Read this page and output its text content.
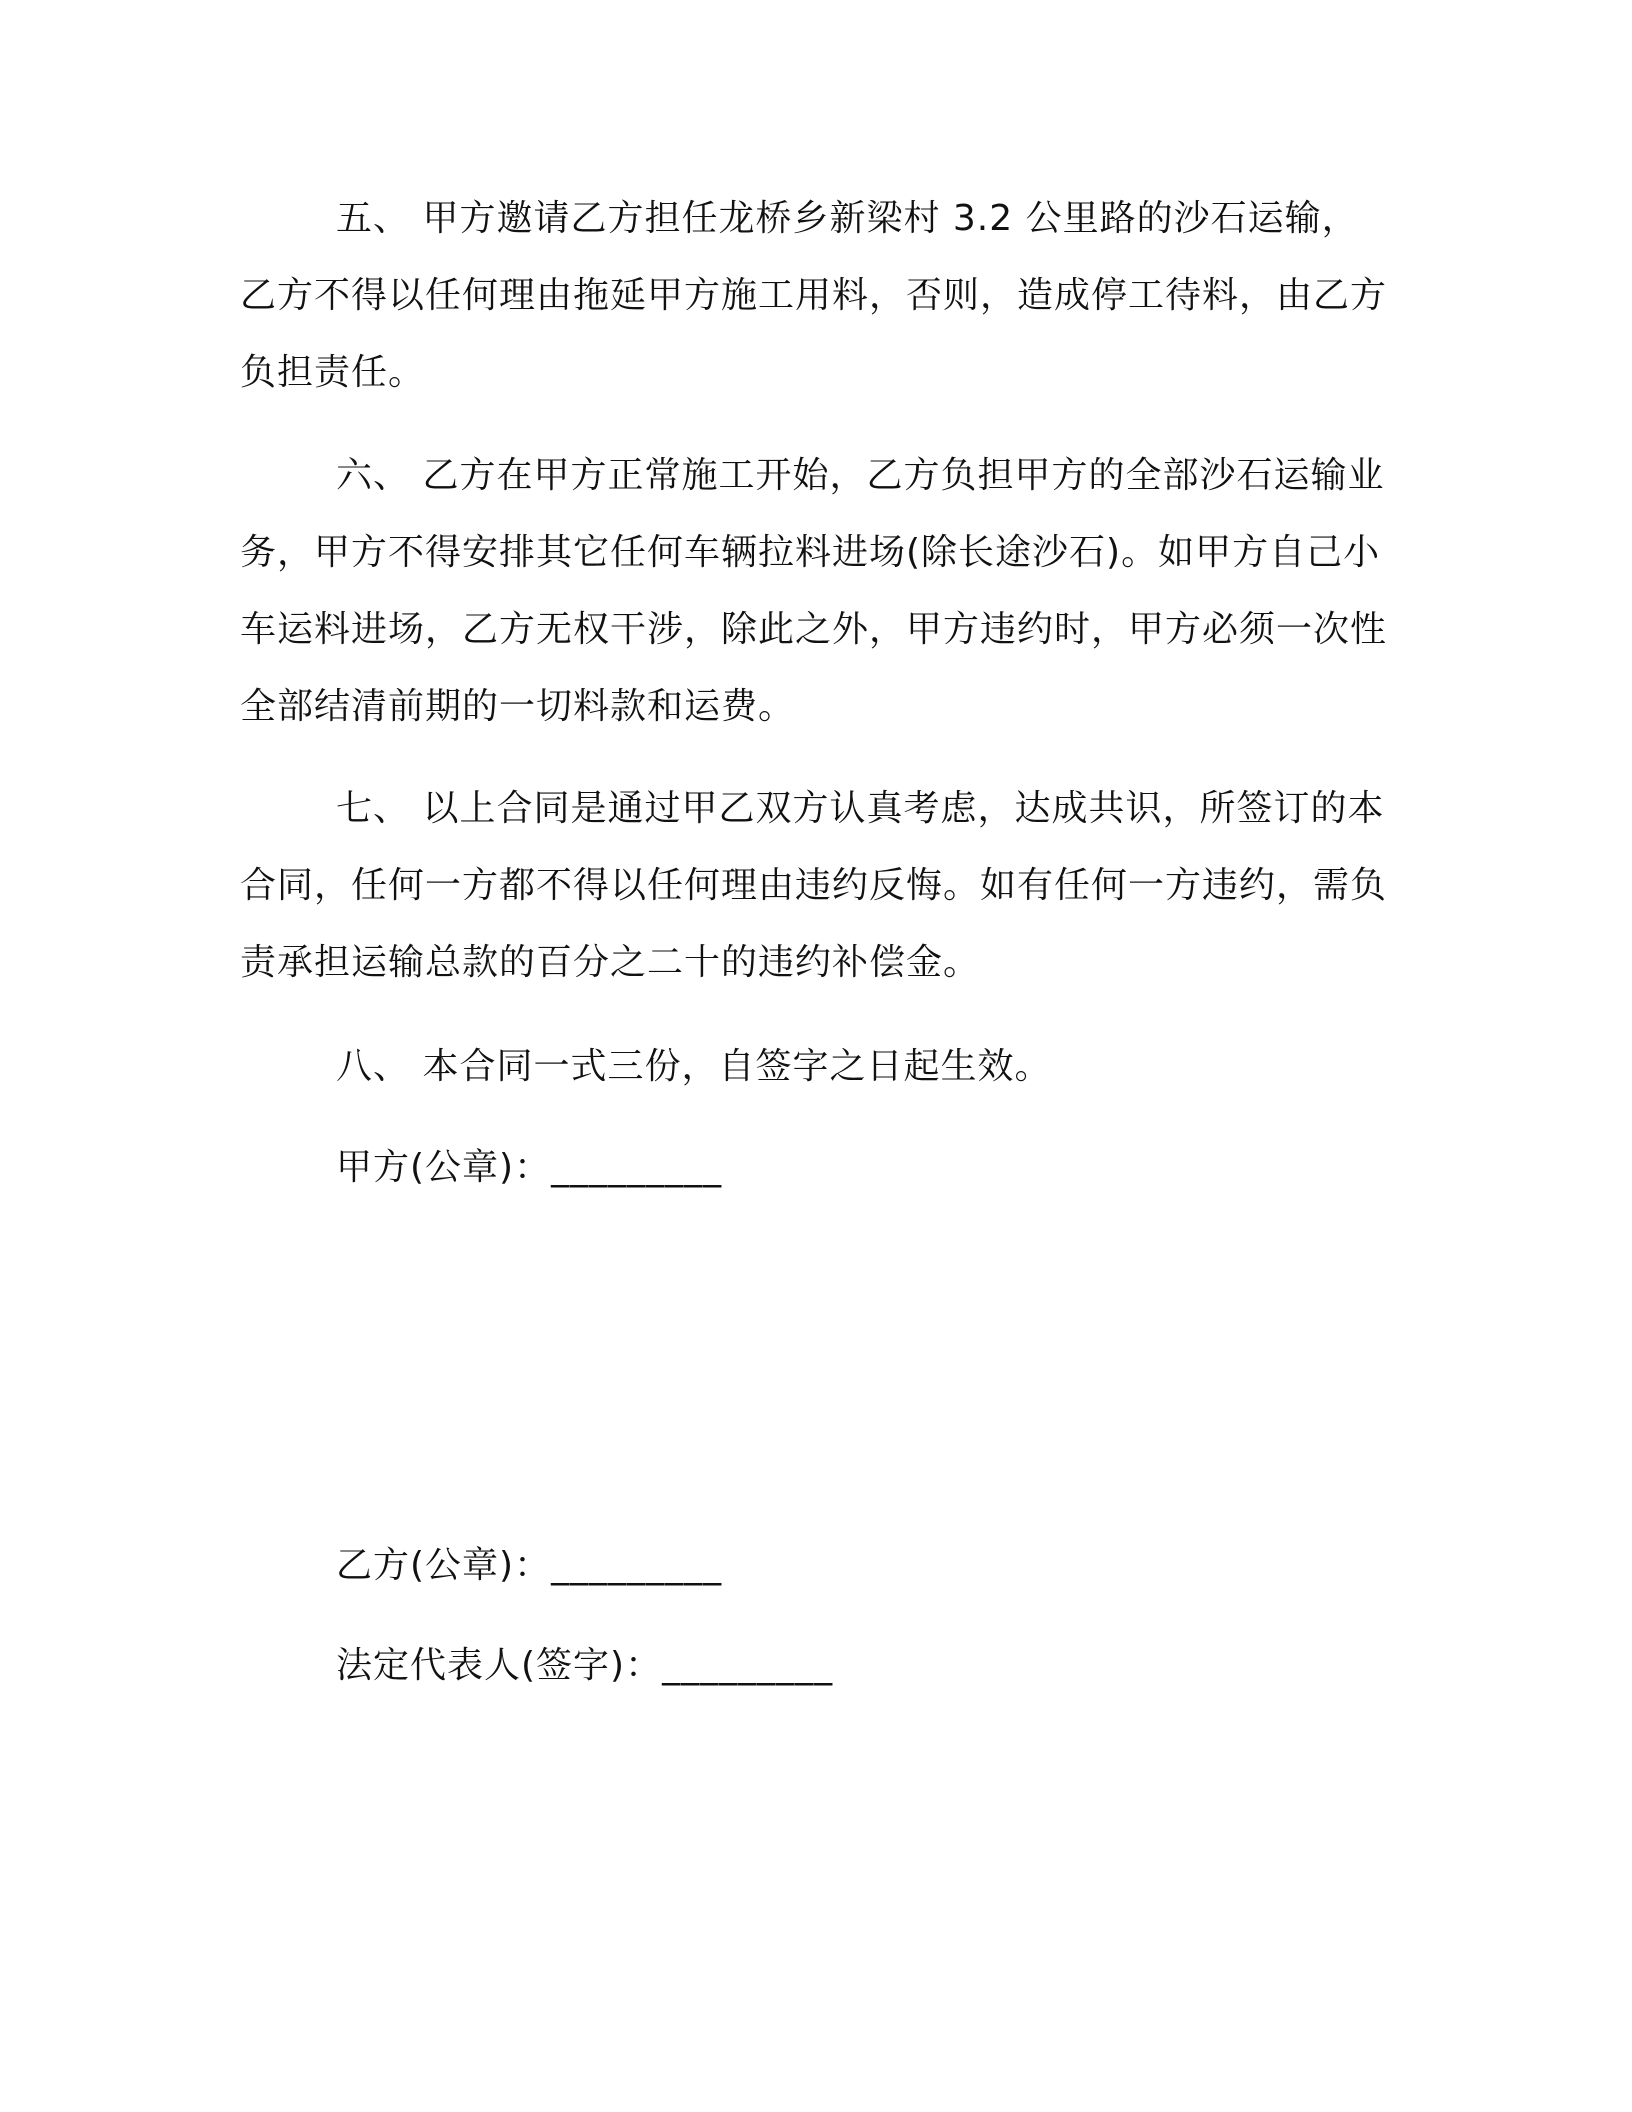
五、 甲方邀请乙方担任龙桥乡新梁村 3.2 公里路的沙石运输，乙方不得以任何理由拖延甲方施工用料，否则，造成停工待料，由乙方负担责任。

六、 乙方在甲方正常施工开始，乙方负担甲方的全部沙石运输业务，甲方不得安排其它任何车辆拉料进场(除长途沙石)。如甲方自己小车运料进场，乙方无权干涉，除此之外，甲方违约时，甲方必须一次性全部结清前期的一切料款和运费。

七、 以上合同是通过甲乙双方认真考虑，达成共识，所签订的本合同，任何一方都不得以任何理由违约反悔。如有任何一方违约，需负责承担运输总款的百分之二十的违约补偿金。

八、 本合同一式三份，自签字之日起生效。

甲方(公章)：_________

乙方(公章)：_________

法定代表人(签字)：_________
